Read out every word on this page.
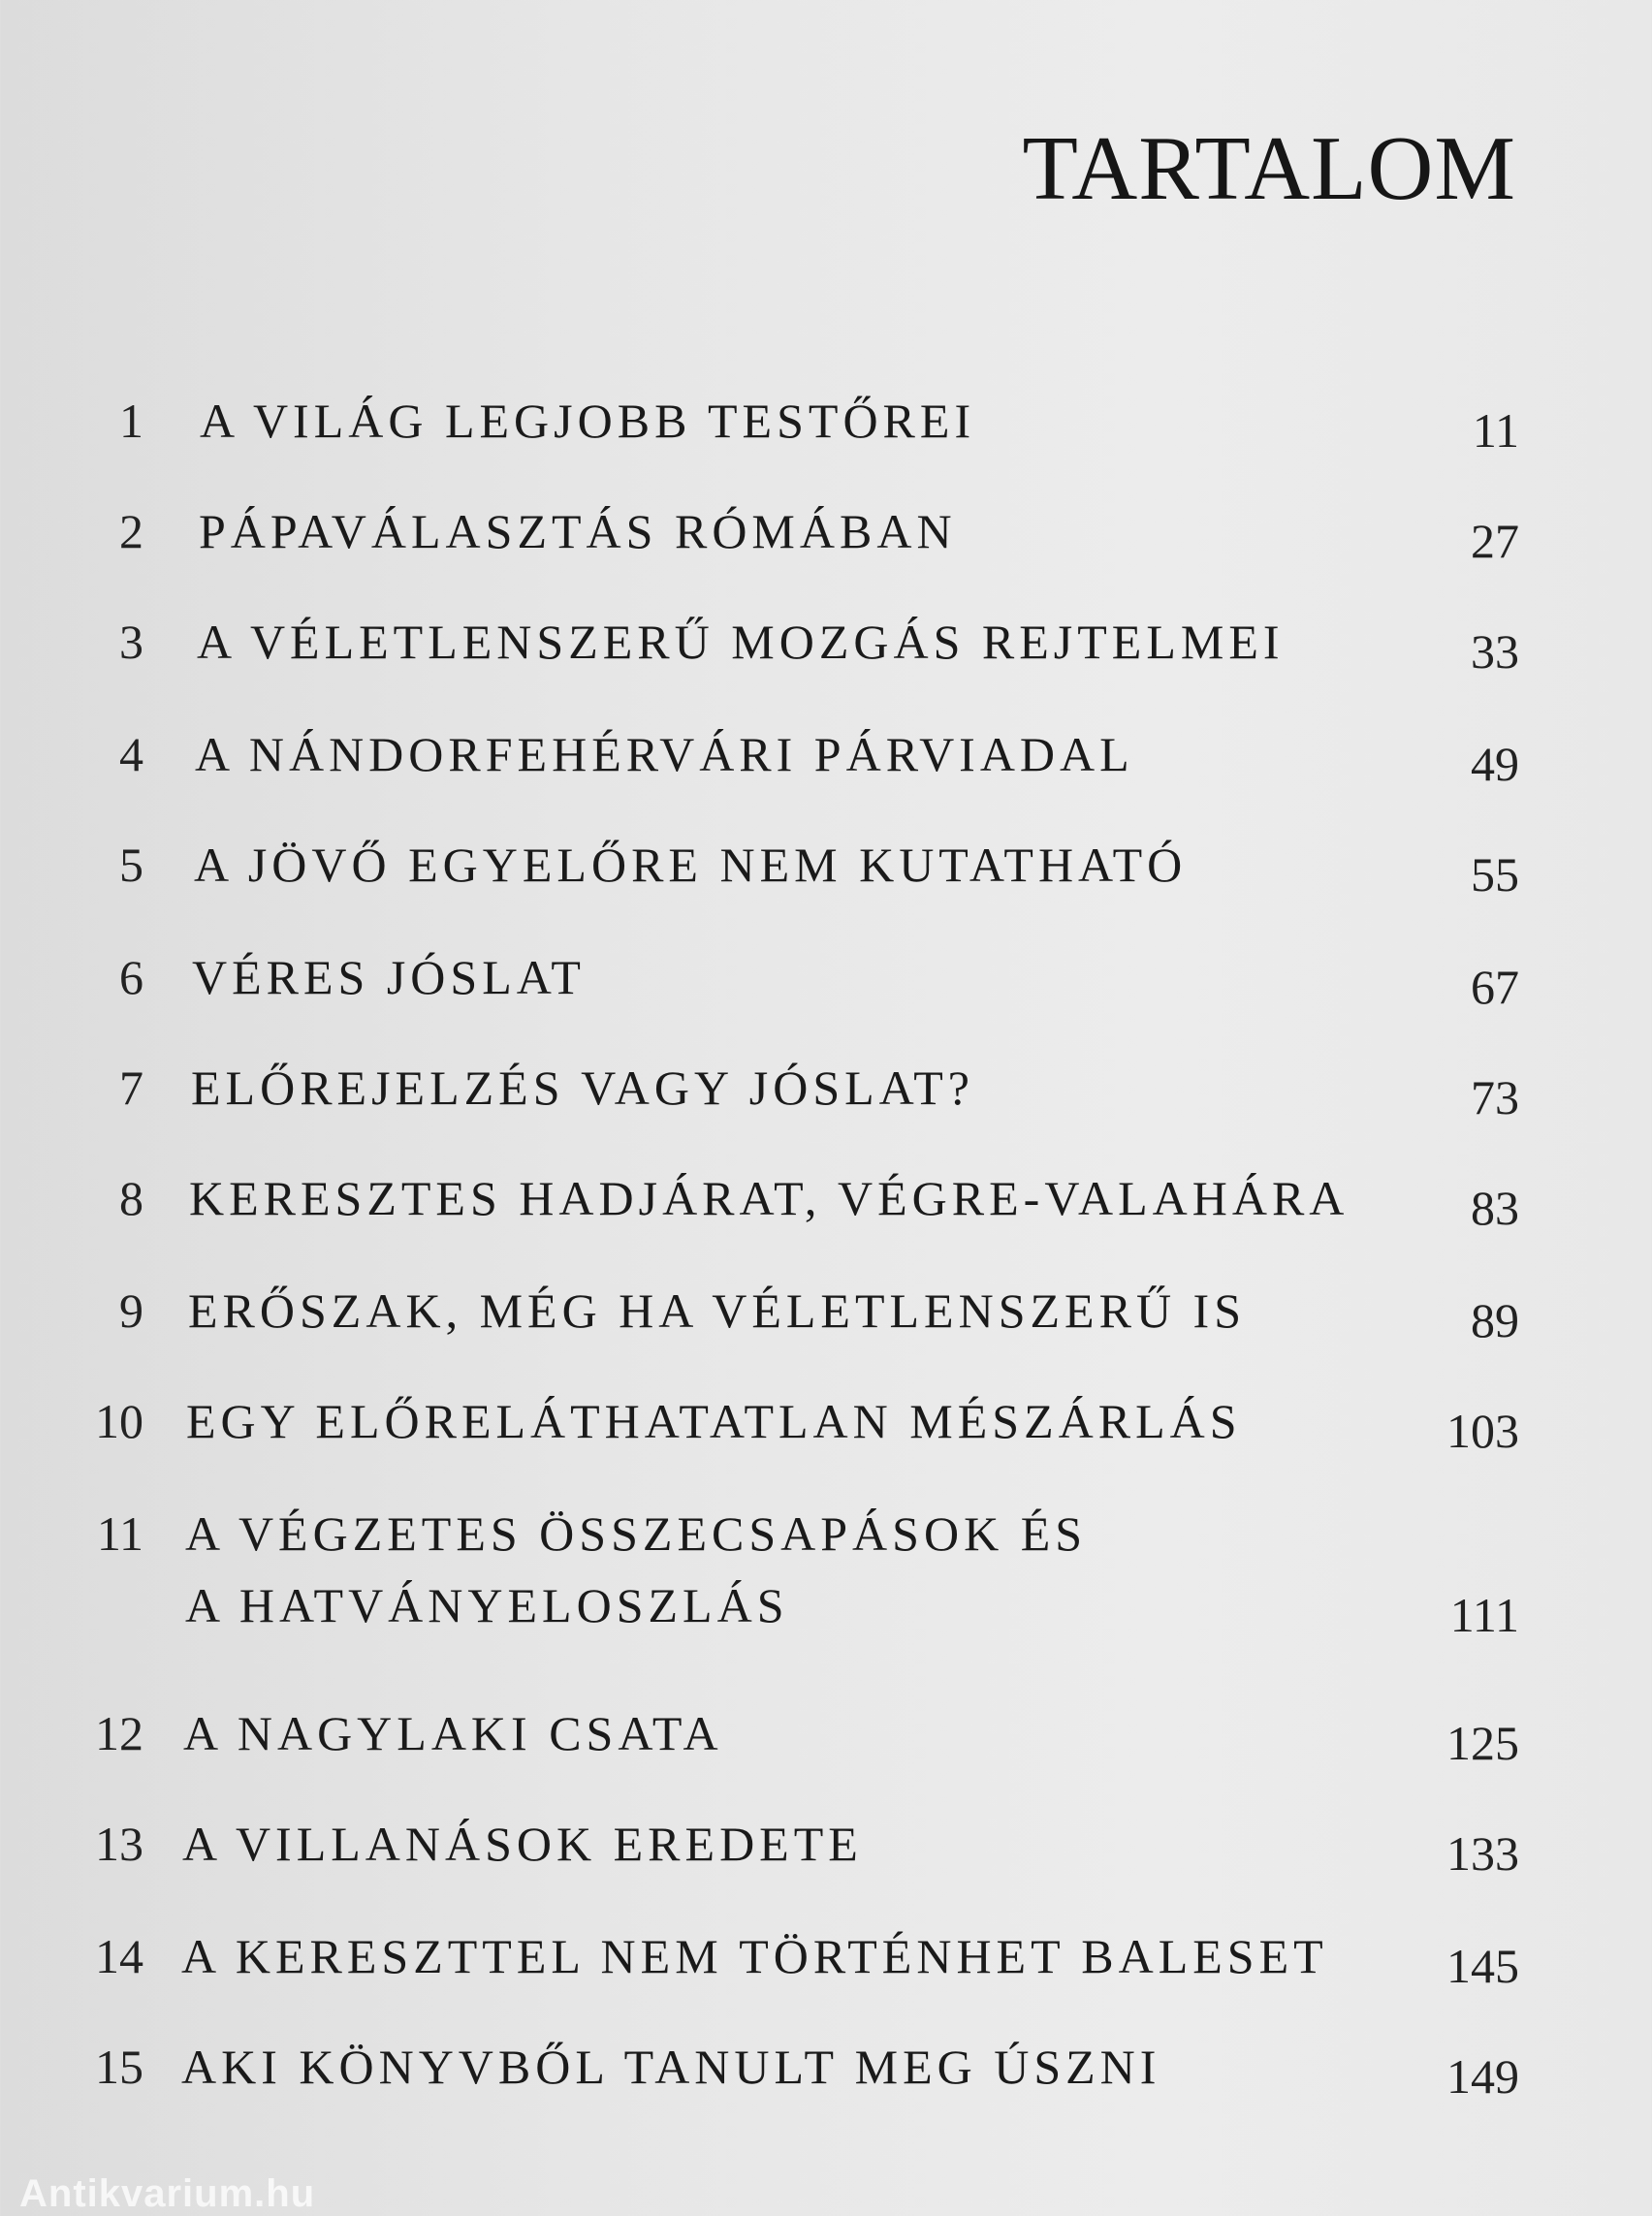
TARTALOM
1 A VILÁG LEGJOBB TESTŐREI	11
2 PÁPAVÁLASZTÁS RÓMÁBAN	27
3 A VÉLETLENSZERŰ MOZGÁS REJTELMEI	33
4 A NÁNDORFEHÉRVÁRI PÁRVIADAL	49
5 A JÖVŐ EGYELŐRE NEM KUTATHATÓ	55
6 VÉRES JÓSLAT	67
7 ELŐREJELZÉS VAGY JÓSLAT?	73
8 KERESZTES HADJÁRAT, VÉGRE-VALAHÁRA	83
9 ERŐSZAK, MÉG HA VÉLETLENSZERŰ IS	89
10 EGY ELŐRELÁTHATATLAN MÉSZÁRLÁS	103
11 A VÉGZETES ÖSSZECSAPÁSOK ÉS
A HATVÁNYELOSZLÁS	111
12 A NAGYLAKI CSATA	125
13 A VILLANÁSOK EREDETE	133
14 A KERESZTTEL NEM TÖRTÉNHET BALESET 145
15 AKI KÖNYVBŐL TANULT MEG ÚSZNI	149
Antikvarium.hu
